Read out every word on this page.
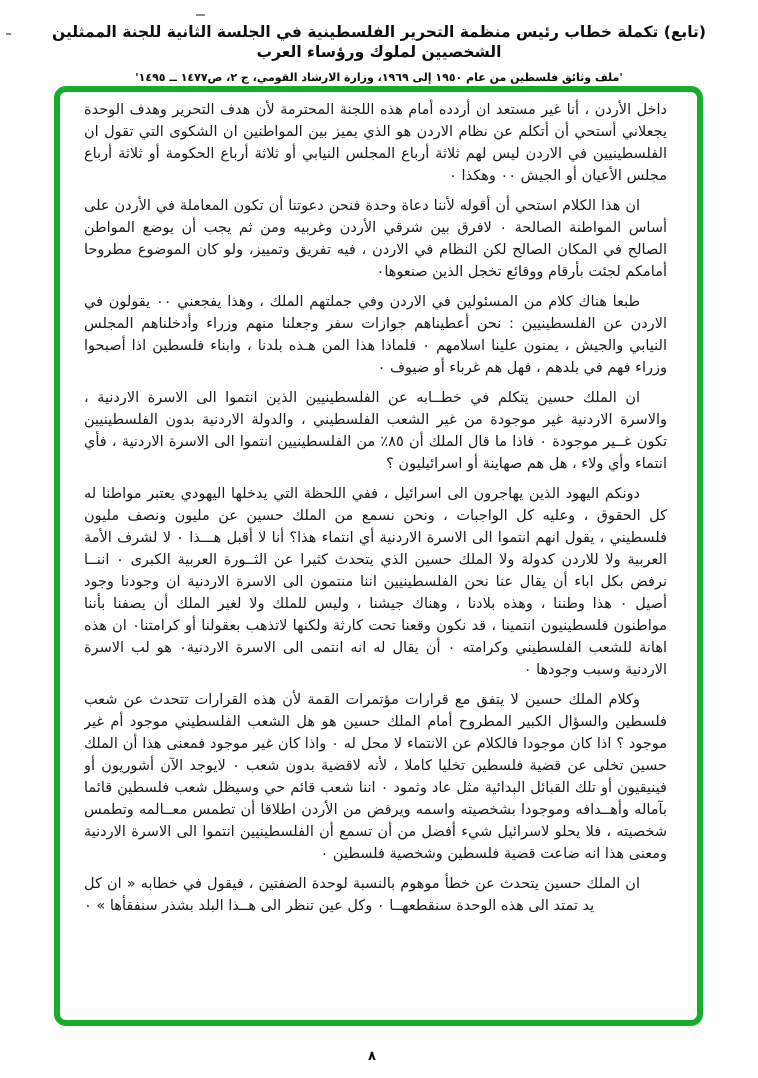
(تابع) تكملة خطاب رئيس منظمة التحرير الفلسطينية في الجلسة الثانية للجنة الممثلين الشخصيين لملوك ورؤساء العرب
'ملف وثائق فلسطين من عام ١٩٥٠ إلى ١٩٦٩، وزارة الارشاد القومي، ج ٢، ص١٤٧٧ ــ ١٤٩٥'

داخل الأردن ، أنا غير مستعد ان أردده أمام هذه اللجنة المحترمة لأن هدف التحرير وهدف الوحدة يجعلاني أستحي أن أتكلم عن نظام الاردن هو الذي يميز بين المواطنين ان الشكوى التي تقول ان الفلسطينيين في الاردن ليس لهم ثلاثة أرباع المجلس النيابي أو ثلاثة أرباع الحكومة أو ثلاثة أرباع مجلس الأعيان أو الجيش ٠٠ وهكذا ٠

ان هذا الكلام استحي أن أقوله لأننا دعاة وحدة فنحن دعوتنا أن تكون المعاملة في الأردن على أساس المواطنة الصالحة ٠ لافرق بين شرقي الأردن وغربيه ومن ثم يجب أن يوضع المواطن الصالح في المكان الصالح لكن النظام في الاردن ، فيه تفريق وتمييز، ولو كان الموضوع مطروحا أمامكم لجئت بأرقام ووقائع تخجل الذين صنعوها٠

طبعا هناك كلام من المسئولين في الاردن وفي جملتهم الملك ، وهذا يفجعني ٠٠ يقولون في الاردن عن الفلسطينيين : نحن أعطيناهم جوازات سفر وجعلنا منهم وزراء وأدخلناهم المجلس النيابي والجيش ، يمنون علينا اسلامهم ٠ فلماذا هذا المن هـذه بلدنا ، وابناء فلسطين اذا أصبحوا وزراء فهم في بلدهم ، فهل هم غرباء أو ضيوف ٠

ان الملك حسين يتكلم في خطــابه عن الفلسطينيين الذين انتموا الى الاسرة الاردنية ، والاسرة الاردنية غير موجودة من غير الشعب الفلسطيني ، والدولة الاردنية بدون الفلسطينيين تكون غــير موجودة ٠ فاذا ما قال الملك أن ٨٥٪ من الفلسطينيين انتموا الى الاسرة الاردنية ، فأي انتماء وأي ولاء ، هل هم صهاينة أو اسرائيليون ؟

دونكم اليهود الذين يهاجرون الى اسرائيل ، ففي اللحظة التي يدخلها اليهودي يعتبر مواطنا له كل الحقوق ، وعليه كل الواجبات ، ونحن نسمع من الملك حسين عن مليون ونصف مليون فلسطيني ، يقول انهم انتموا الى الاسرة الاردنية أي انتماء هذا؟ أنا لا أقبل هـــذا ٠ لا لشرف الأمة العربية ولا للاردن كدولة ولا الملك حسين الذي يتحدث كثيرا عن الثــورة العربية الكبرى ٠ اننــا نرفض بكل اباء أن يقال عنا نحن الفلسطينيين اننا منتمون الى الاسرة الاردنية ان وجودنا وجود أصيل ٠ هذا وطننا ، وهذه بلادنا ، وهناك جيشنا ، وليس للملك ولا لغير الملك أن يصفنا بأننا مواطنون فلسطينيون انتمينا ، قد نكون وقعنا تحت كارثة ولكنها لاتذهب بعقولنا أو كرامتنا٠ ان هذه اهانة للشعب الفلسطيني وكرامته ٠ أن يقال له انه انتمى الى الاسرة الاردنية٠ هو لب الاسرة الاردنية وسبب وجودها ٠

وكلام الملك حسين لا يتفق مع قرارات مؤتمرات القمة لأن هذه القرارات تتحدث عن شعب فلسطين والسؤال الكبير المطروح أمام الملك حسين هو هل الشعب الفلسطيني موجود أم غير موجود ؟ اذا كان موجودا فالكلام عن الانتماء لا محل له ٠ واذا كان غير موجود فمعنى هذا أن الملك حسين تخلى عن قضية فلسطين تخليا كاملا ، لأنه لاقضية بدون شعب ٠ لايوجد الآن أشوريون أو فينيقيون أو تلك القبائل البدائية مثل عاد وثمود ٠ اننا شعب قائم حي وسيظل شعب فلسطين قائما بآماله وأهــدافه وموجودا بشخصيته واسمه ويرفض من الأردن اطلاقا أن تطمس معــالمه وتطمس شخصيته ، فلا يحلو لاسرائيل شيء أفضل من أن تسمع أن الفلسطينيين انتموا الى الاسرة الاردنية ومعنى هذا انه ضاعت قضية فلسطين وشخصية فلسطين ٠

ان الملك حسين يتحدث عن خطأ موهوم بالنسبة لوحدة الضفتين ، فيقول في خطابه « ان كل يد تمتد الى هذه الوحدة سنقطعهــا ٠ وكل عين تنظر الى هــذا البلد بشذر سنفقأها » ٠

٨
